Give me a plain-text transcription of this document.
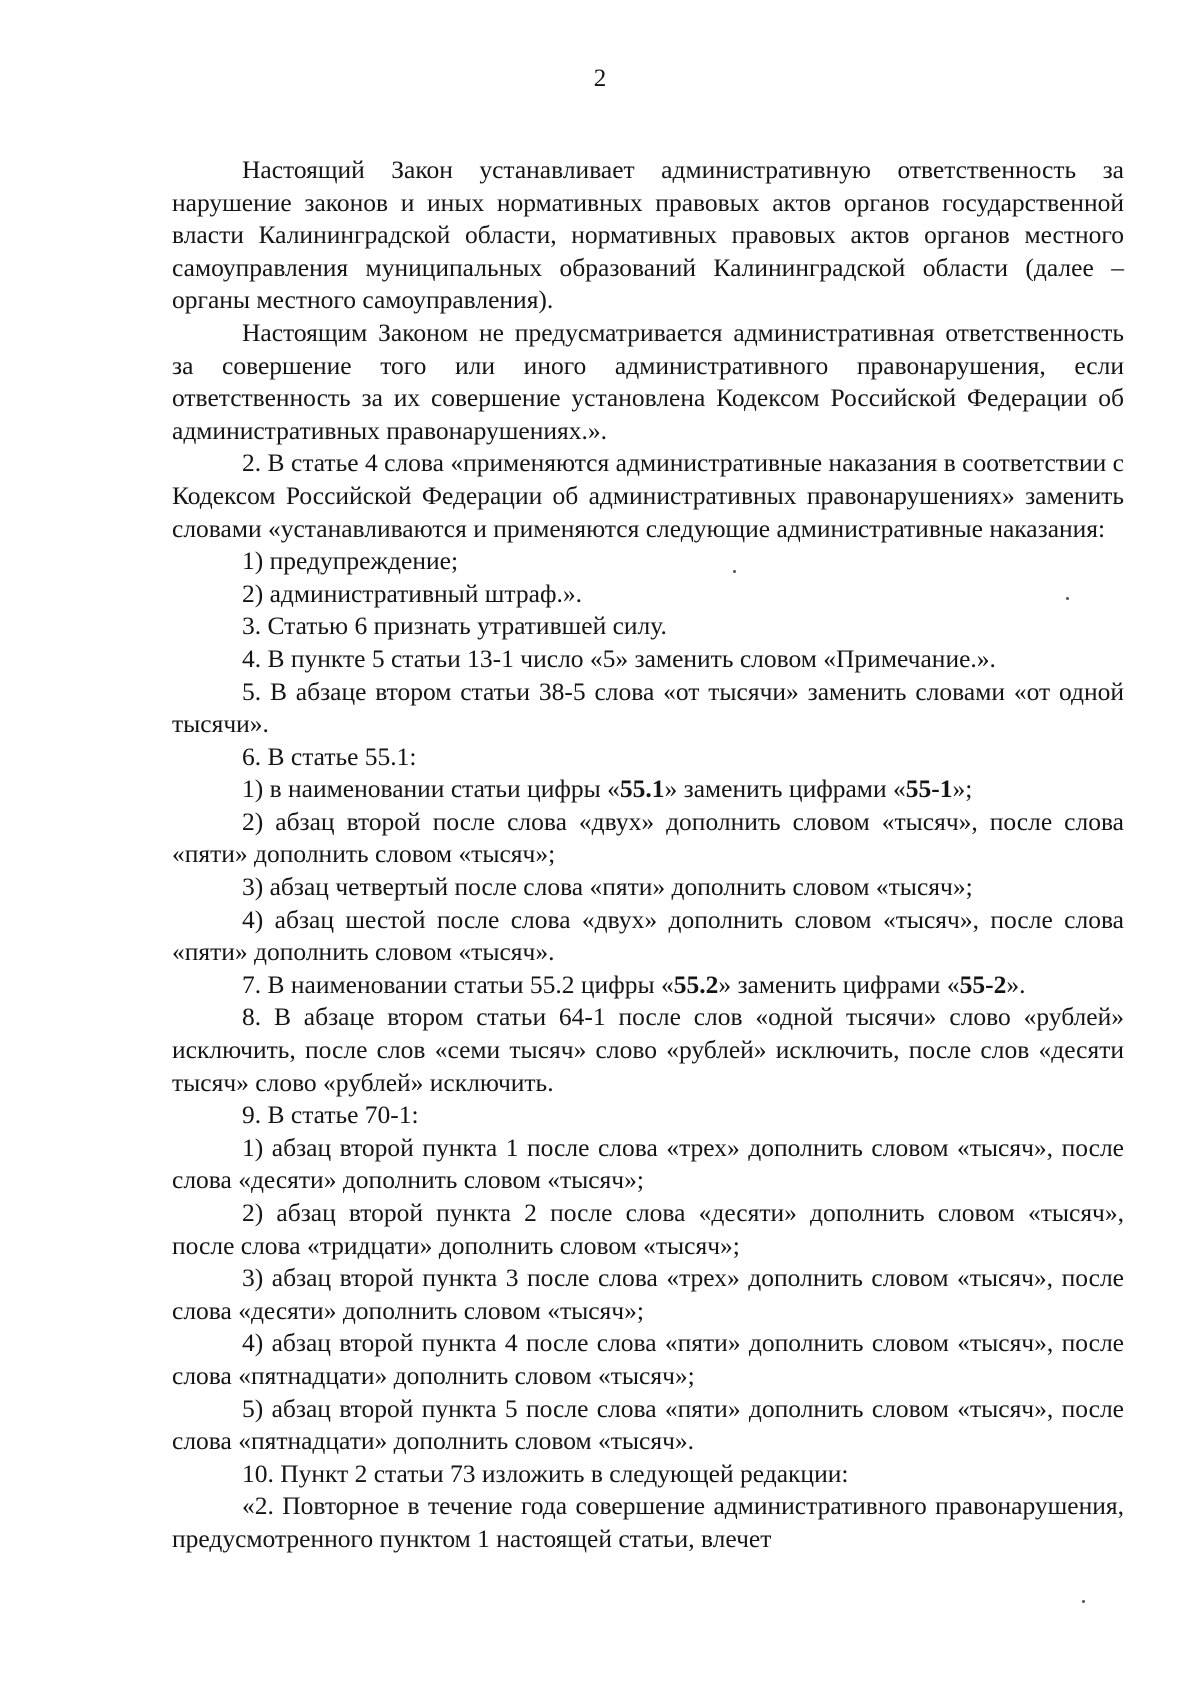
2

Настоящий Закон устанавливает административную ответственность за нарушение законов и иных нормативных правовых актов органов государственной власти Калининградской области, нормативных правовых актов органов местного самоуправления муниципальных образований Калининградской области (далее – органы местного самоуправления).

Настоящим Законом не предусматривается административная ответственность за совершение того или иного административного правонарушения, если ответственность за их совершение установлена Кодексом Российской Федерации об административных правонарушениях.».

2. В статье 4 слова «применяются административные наказания в соответствии с Кодексом Российской Федерации об административных правонарушениях» заменить словами «устанавливаются и применяются следующие административные наказания:

1) предупреждение;

2) административный штраф.».

3. Статью 6 признать утратившей силу.

4. В пункте 5 статьи 13-1 число «5» заменить словом «Примечание.».

5. В абзаце втором статьи 38-5 слова «от тысячи» заменить словами «от одной тысячи».

6. В статье 55.1:

1) в наименовании статьи цифры «55.1» заменить цифрами «55-1»;

2) абзац второй после слова «двух» дополнить словом «тысяч», после слова «пяти» дополнить словом «тысяч»;

3) абзац четвертый после слова «пяти» дополнить словом «тысяч»;

4) абзац шестой после слова «двух» дополнить словом «тысяч», после слова «пяти» дополнить словом «тысяч».

7. В наименовании статьи 55.2 цифры «55.2» заменить цифрами «55-2».

8. В абзаце втором статьи 64-1 после слов «одной тысячи» слово «рублей» исключить, после слов «семи тысяч» слово «рублей» исключить, после слов «десяти тысяч» слово «рублей» исключить.

9. В статье 70-1:

1) абзац второй пункта 1 после слова «трех» дополнить словом «тысяч», после слова «десяти» дополнить словом «тысяч»;

2) абзац второй пункта 2 после слова «десяти» дополнить словом «тысяч», после слова «тридцати» дополнить словом «тысяч»;

3) абзац второй пункта 3 после слова «трех» дополнить словом «тысяч», после слова «десяти» дополнить словом «тысяч»;

4) абзац второй пункта 4 после слова «пяти» дополнить словом «тысяч», после слова «пятнадцати» дополнить словом «тысяч»;

5) абзац второй пункта 5 после слова «пяти» дополнить словом «тысяч», после слова «пятнадцати» дополнить словом «тысяч».

10. Пункт 2 статьи 73 изложить в следующей редакции:

«2. Повторное в течение года совершение административного правонарушения, предусмотренного пунктом 1 настоящей статьи, влечет
